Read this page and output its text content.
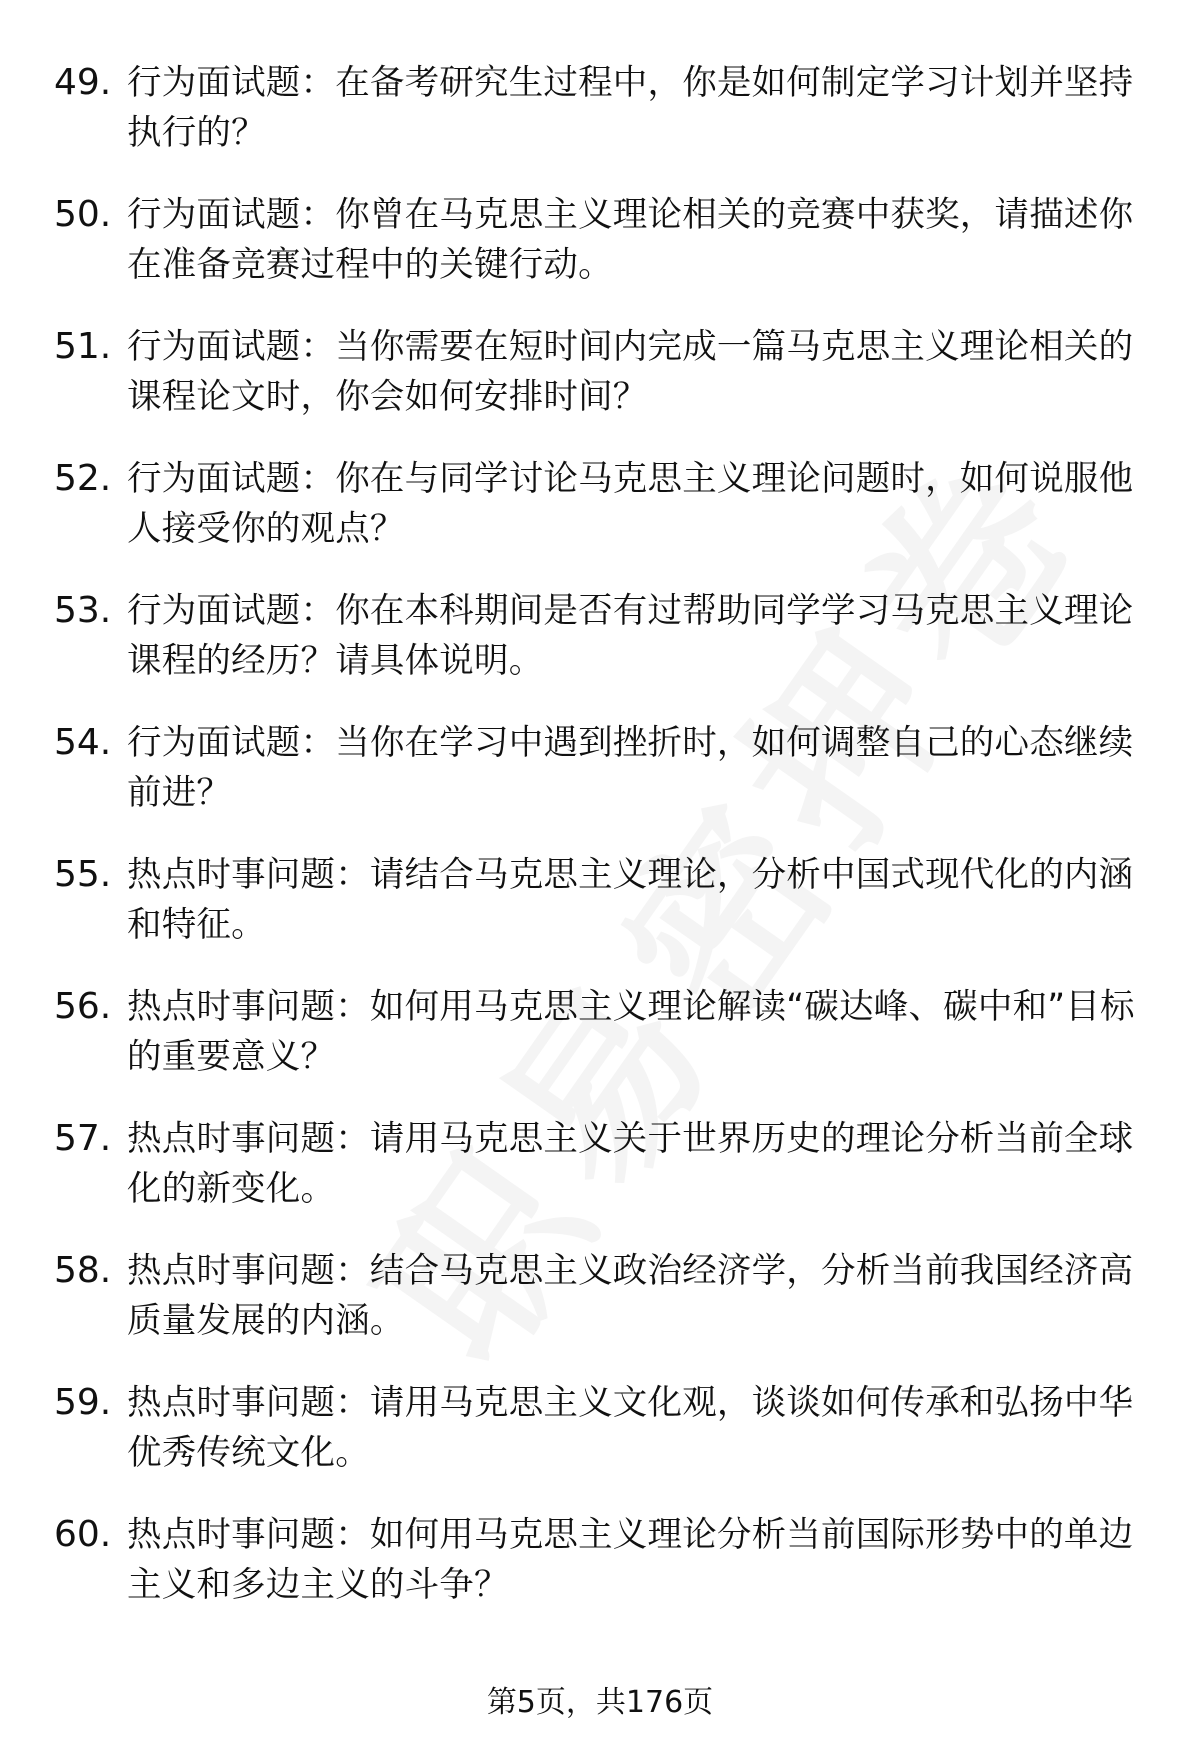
49. 行为面试题：在备考研究生过程中，你是如何制定学习计划并坚持执行的？
50. 行为面试题：你曾在马克思主义理论相关的竞赛中获奖，请描述你在准备竞赛过程中的关键行动。
51. 行为面试题：当你需要在短时间内完成一篇马克思主义理论相关的课程论文时，你会如何安排时间？
52. 行为面试题：你在与同学讨论马克思主义理论问题时，如何说服他人接受你的观点？
53. 行为面试题：你在本科期间是否有过帮助同学学习马克思主义理论课程的经历？请具体说明。
54. 行为面试题：当你在学习中遇到挫折时，如何调整自己的心态继续前进？
55. 热点时事问题：请结合马克思主义理论，分析中国式现代化的内涵和特征。
56. 热点时事问题：如何用马克思主义理论解读“碳达峰、碳中和”目标的重要意义？
57. 热点时事问题：请用马克思主义关于世界历史的理论分析当前全球化的新变化。
58. 热点时事问题：结合马克思主义政治经济学，分析当前我国经济高质量发展的内涵。
59. 热点时事问题：请用马克思主义文化观，谈谈如何传承和弘扬中华优秀传统文化。
60. 热点时事问题：如何用马克思主义理论分析当前国际形势中的单边主义和多边主义的斗争？
第5页，共176页
